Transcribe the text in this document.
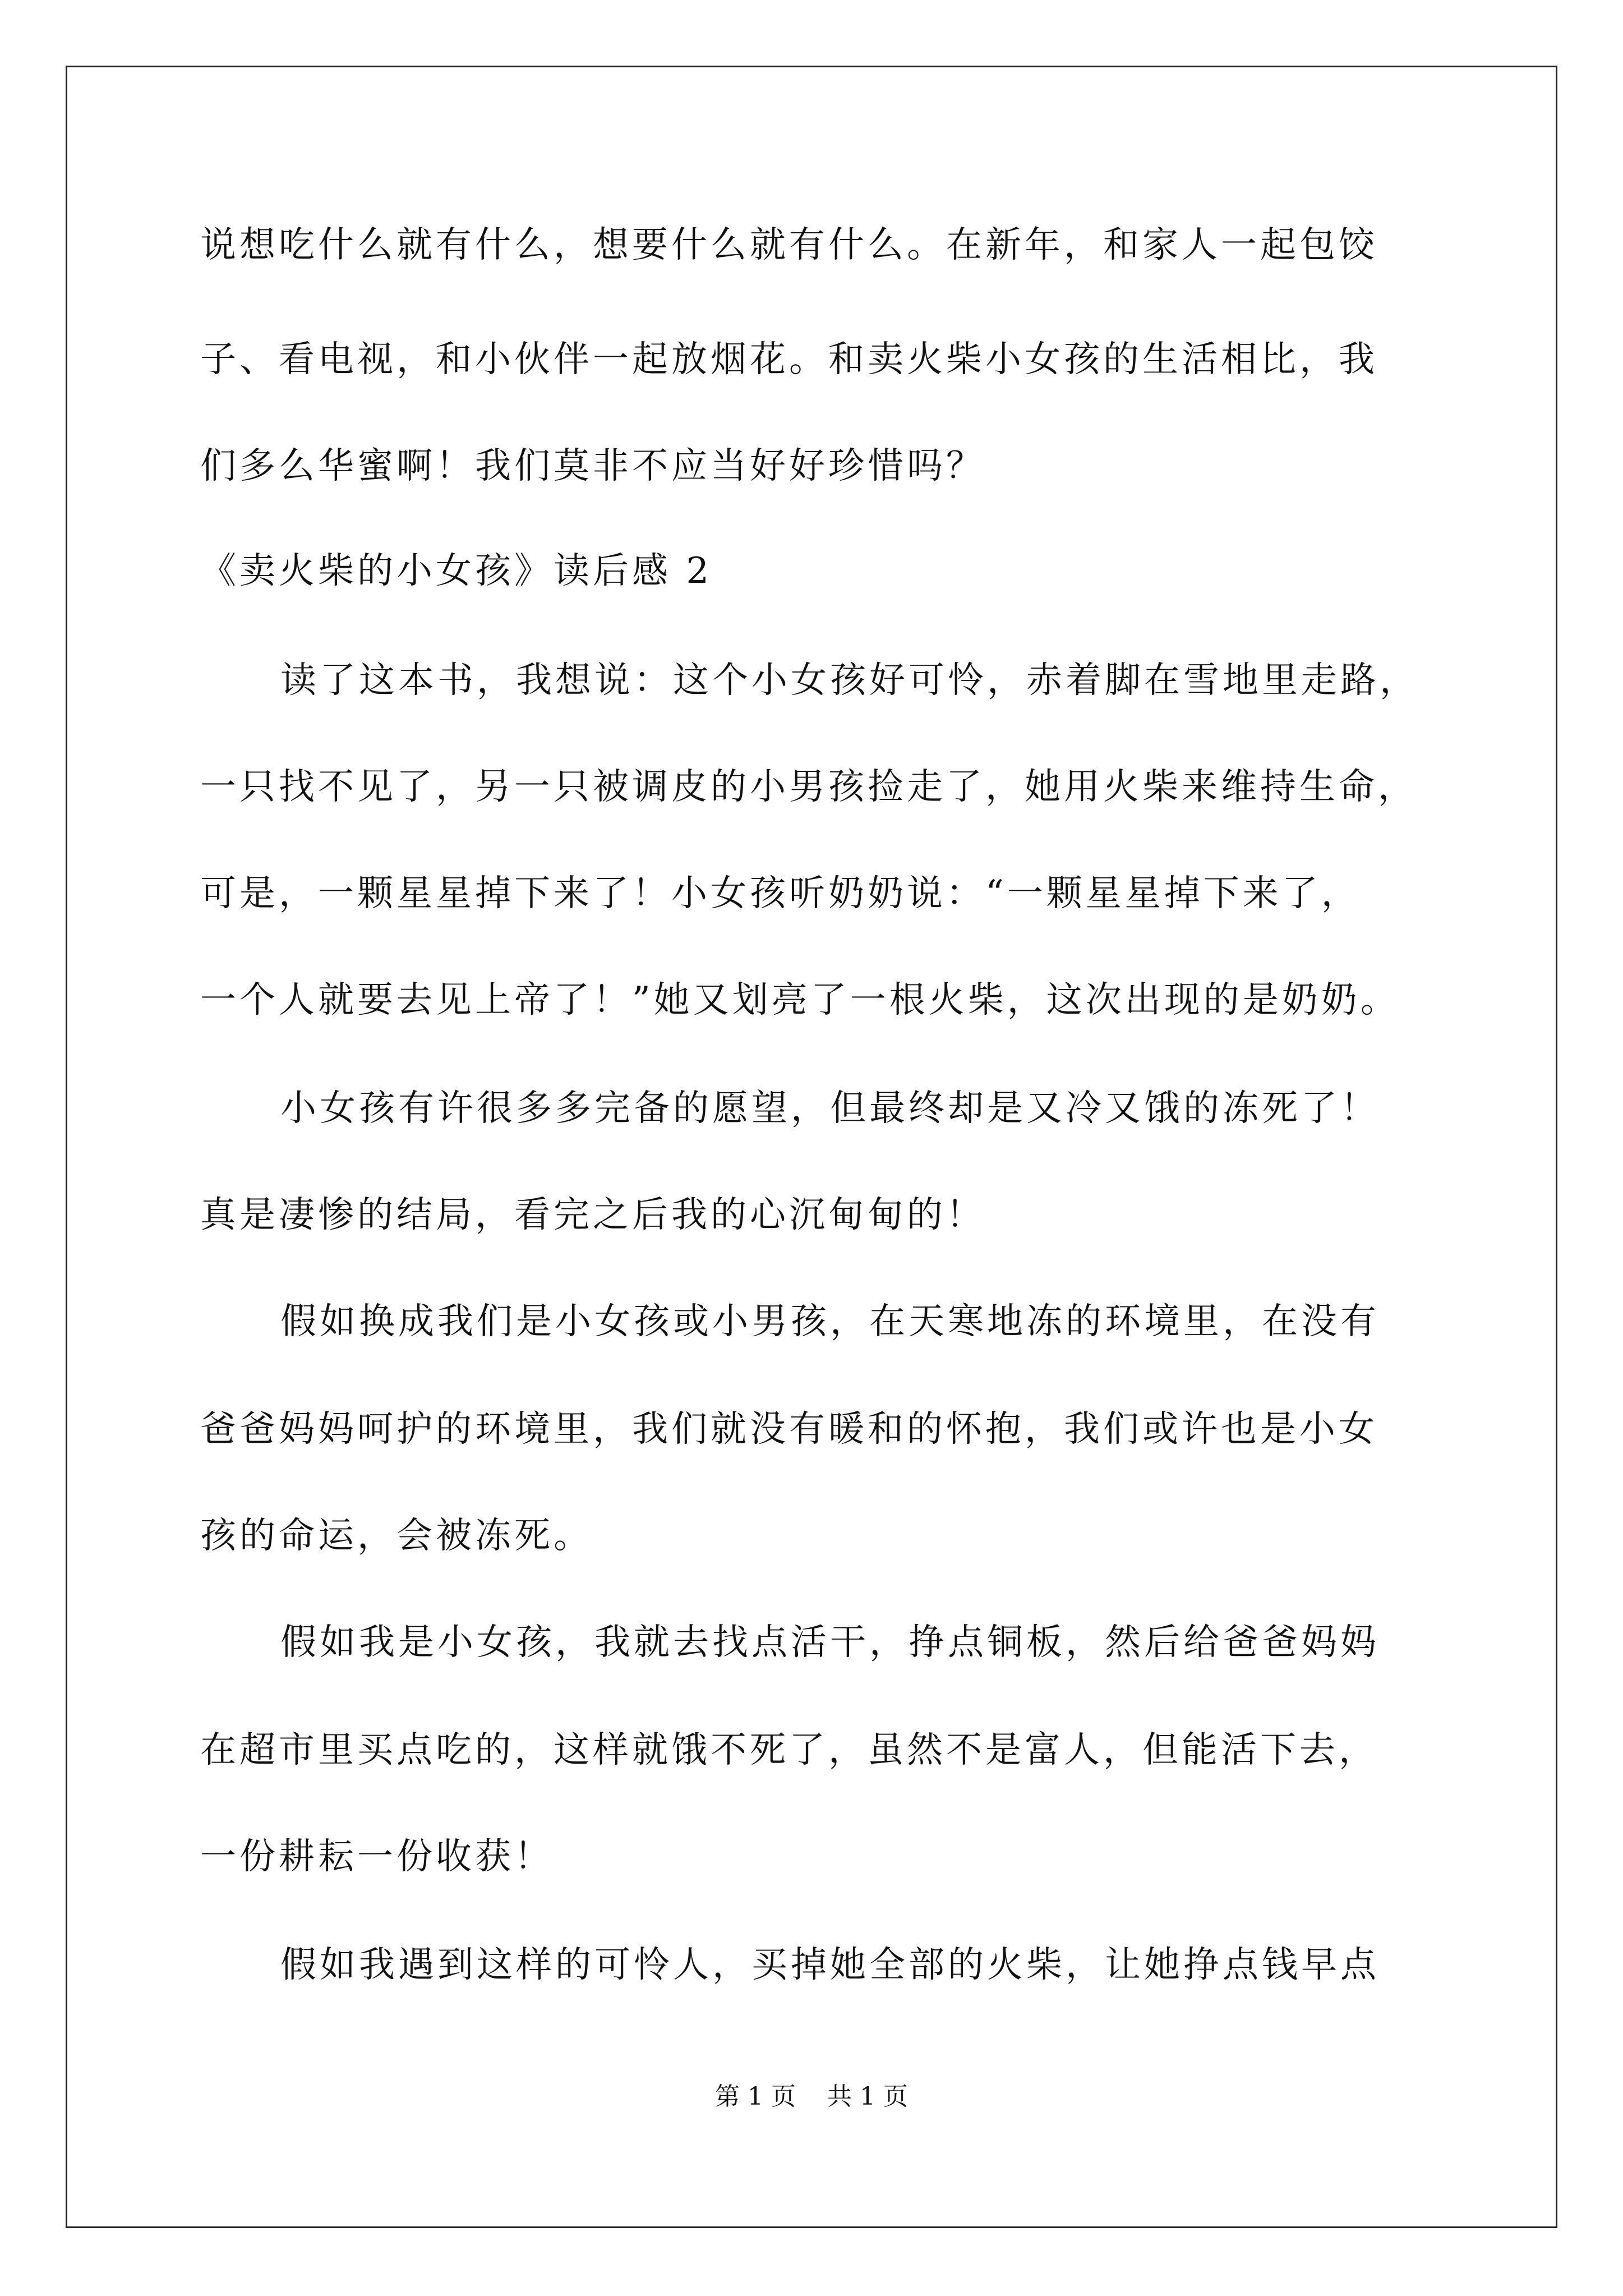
说想吃什么就有什么，想要什么就有什么。在新年，和家人一起包饺
子、看电视，和小伙伴一起放烟花。和卖火柴小女孩的生活相比，我
们多么华蜜啊！我们莫非不应当好好珍惜吗？
《卖火柴的小女孩》读后感 2
读了这本书，我想说：这个小女孩好可怜，赤着脚在雪地里走路，
一只找不见了，另一只被调皮的小男孩捡走了，她用火柴来维持生命，
可是，一颗星星掉下来了！小女孩听奶奶说：“一颗星星掉下来了，
一个人就要去见上帝了！”她又划亮了一根火柴，这次出现的是奶奶。
小女孩有许很多多完备的愿望，但最终却是又冷又饿的冻死了！
真是凄惨的结局，看完之后我的心沉甸甸的！
假如换成我们是小女孩或小男孩，在天寒地冻的环境里，在没有
爸爸妈妈呵护的环境里，我们就没有暖和的怀抱，我们或许也是小女
孩的命运，会被冻死。
假如我是小女孩，我就去找点活干，挣点铜板，然后给爸爸妈妈
在超市里买点吃的，这样就饿不死了，虽然不是富人，但能活下去，
一份耕耘一份收获！
假如我遇到这样的可怜人，买掉她全部的火柴，让她挣点钱早点
第 1 页    共 1 页
